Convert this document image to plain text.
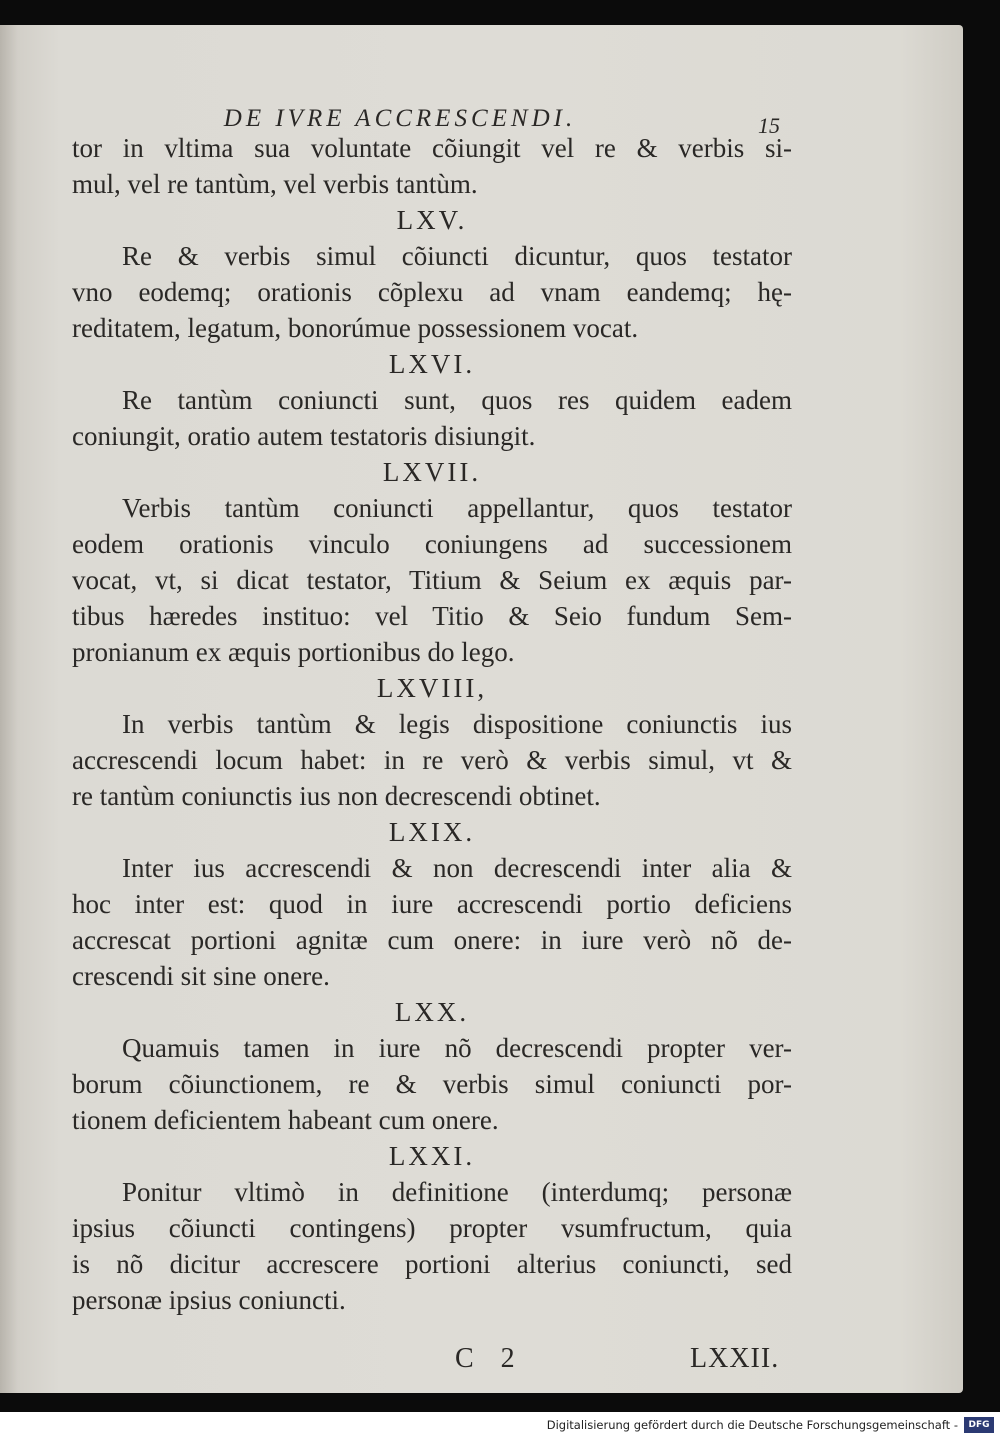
DE IVRE ACCRESCENDI.	15
tor in vltima sua voluntate cõiungit vel re & verbis si-
mul, vel re tantùm, vel verbis tantùm.
LXV.
Re & verbis simul cõiuncti dicuntur, quos testator
vno eodemq; orationis cõplexu ad vnam eandemq; hę-
reditatem, legatum, bonorúmue possessionem vocat.
LXVI.
Re tantùm coniuncti sunt, quos res quidem eadem
coniungit, oratio autem testatoris disiungit.
LXVII.
Verbis tantùm coniuncti appellantur, quos testator
eodem orationis vinculo coniungens ad successionem
vocat, vt, si dicat testator, Titium & Seium ex æquis par-
tibus hæredes instituo: vel Titio & Seio fundum Sem-
pronianum ex æquis portionibus do lego.
LXVIII,
In verbis tantùm & legis dispositione coniunctis ius
accrescendi locum habet: in re verò & verbis simul, vt &
re tantùm coniunctis ius non decrescendi obtinet.
LXIX.
Inter ius accrescendi & non decrescendi inter alia &
hoc inter est: quod in iure accrescendi portio deficiens
accrescat portioni agnitæ cum onere: in iure verò nõ de-
crescendi sit sine onere.
LXX.
Quamuis tamen in iure nõ decrescendi propter ver-
borum cõiunctionem, re & verbis simul coniuncti por-
tionem deficientem habeant cum onere.
LXXI.
Ponitur vltimò in definitione (interdumq; personæ
ipsius cõiuncti contingens) propter vsumfructum, quia
is nõ dicitur accrescere portioni alterius coniuncti, sed
personæ ipsius coniuncti.
C 2	LXXII.
Digitalisierung gefördert durch die Deutsche Forschungsgemeinschaft -	DFG
